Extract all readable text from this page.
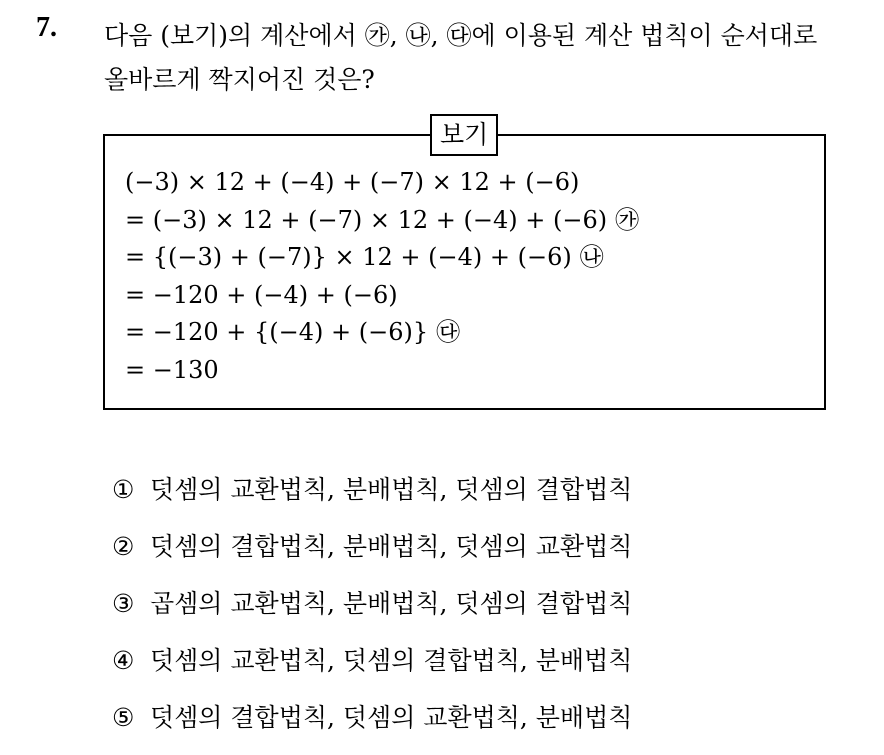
7. 다음 (보기)의 계산에서 ㉮, ㉯, ㉰에 이용된 계산 법칙이 순서대로
올바르게 짝지어진 것은?
보기
(−3) × 12 + (−4) + (−7) × 12 + (−6)
= (−3) × 12 + (−7) × 12 + (−4) + (−6) ㉮
= {(−3) + (−7)} × 12 + (−4) + (−6) ㉯
= −120 + (−4) + (−6)
= −120 + {(−4) + (−6)} ㉰
= −130
① 덧셈의 교환법칙, 분배법칙, 덧셈의 결합법칙
② 덧셈의 결합법칙, 분배법칙, 덧셈의 교환법칙
③ 곱셈의 교환법칙, 분배법칙, 덧셈의 결합법칙
④ 덧셈의 교환법칙, 덧셈의 결합법칙, 분배법칙
⑤ 덧셈의 결합법칙, 덧셈의 교환법칙, 분배법칙
